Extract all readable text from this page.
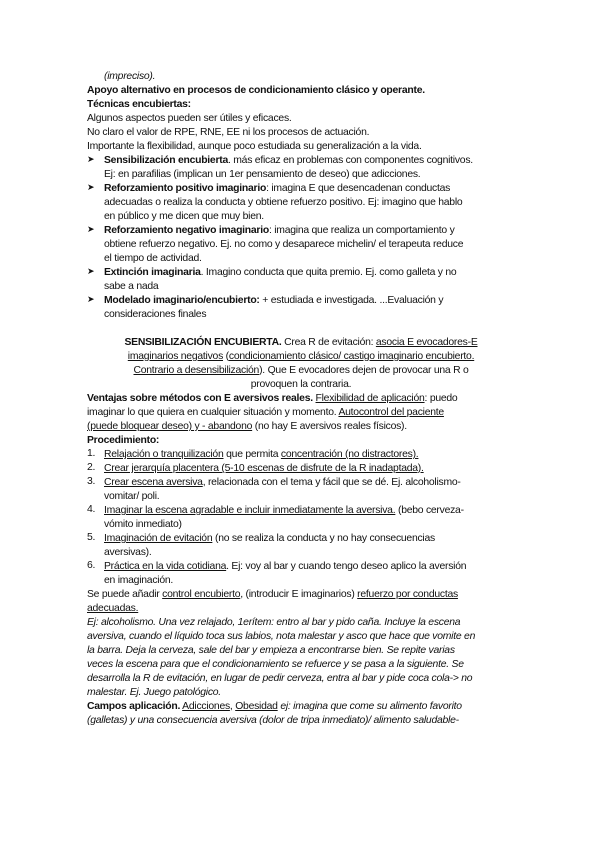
(impreciso).
Apoyo alternativo en procesos de condicionamiento clásico y operante.
Técnicas encubiertas:
Algunos aspectos pueden ser útiles y eficaces.
No claro el valor de RPE, RNE, EE ni los procesos de actuación.
Importante la flexibilidad, aunque poco estudiada su generalización a la vida.
➤ Sensibilización encubierta. más eficaz en problemas con componentes cognitivos.
Ej: en parafilias (implican un 1er pensamiento de deseo) que adicciones.
➤ Reforzamiento positivo imaginario: imagina E que desencadenan conductas
adecuadas o realiza la conducta y obtiene refuerzo positivo. Ej: imagino que hablo
en público y me dicen que muy bien.
➤ Reforzamiento negativo imaginario: imagina que realiza un comportamiento y
obtiene refuerzo negativo. Ej. no como y desaparece michelin/ el terapeuta reduce
el tiempo de actividad.
➤ Extinción imaginaria. Imagino conducta que quita premio. Ej. como galleta y no
sabe a nada
➤ Modelado imaginario/encubierto: + estudiada e investigada. ...Evaluación y
consideraciones finales
SENSIBILIZACIÓN ENCUBIERTA. Crea R de evitación: asocia E evocadores-E
imaginarios negativos (condicionamiento clásico/ castigo imaginario encubierto.
Contrario a desensibilización). Que E evocadores dejen de provocar una R o
provoquen la contraria.
Ventajas sobre métodos con E aversivos reales. Flexibilidad de aplicación: puedo
imaginar lo que quiera en cualquier situación y momento. Autocontrol del paciente
(puede bloquear deseo) y - abandono (no hay E aversivos reales físicos).
Procedimiento:
1. Relajación o tranquilización que permita concentración (no distractores).
2. Crear jerarquía placentera (5-10 escenas de disfrute de la R inadaptada).
3. Crear escena aversiva, relacionada con el tema y fácil que se dé. Ej. alcoholismo-
vomitar/ poli.
4. Imaginar la escena agradable e incluir inmediatamente la aversiva. (bebo cerveza-
vómito inmediato)
5. Imaginación de evitación (no se realiza la conducta y no hay consecuencias
aversivas).
6. Práctica en la vida cotidiana. Ej: voy al bar y cuando tengo deseo aplico la aversión
en imaginación.
Se puede añadir control encubierto, (introducir E imaginarios) refuerzo por conductas
adecuadas.
Ej: alcoholismo. Una vez relajado, 1erítem: entro al bar y pido caña. Incluye la escena
aversiva, cuando el líquido toca sus labios, nota malestar y asco que hace que vomite en
la barra. Deja la cerveza, sale del bar y empieza a encontrarse bien. Se repite varias
veces la escena para que el condicionamiento se refuerce y se pasa a la siguiente. Se
desarrolla la R de evitación, en lugar de pedir cerveza, entra al bar y pide coca cola-> no
malestar. Ej. Juego patológico.
Campos aplicación. Adicciones, Obesidad ej: imagina que come su alimento favorito
(galletas) y una consecuencia aversiva (dolor de tripa inmediato)/ alimento saludable-
